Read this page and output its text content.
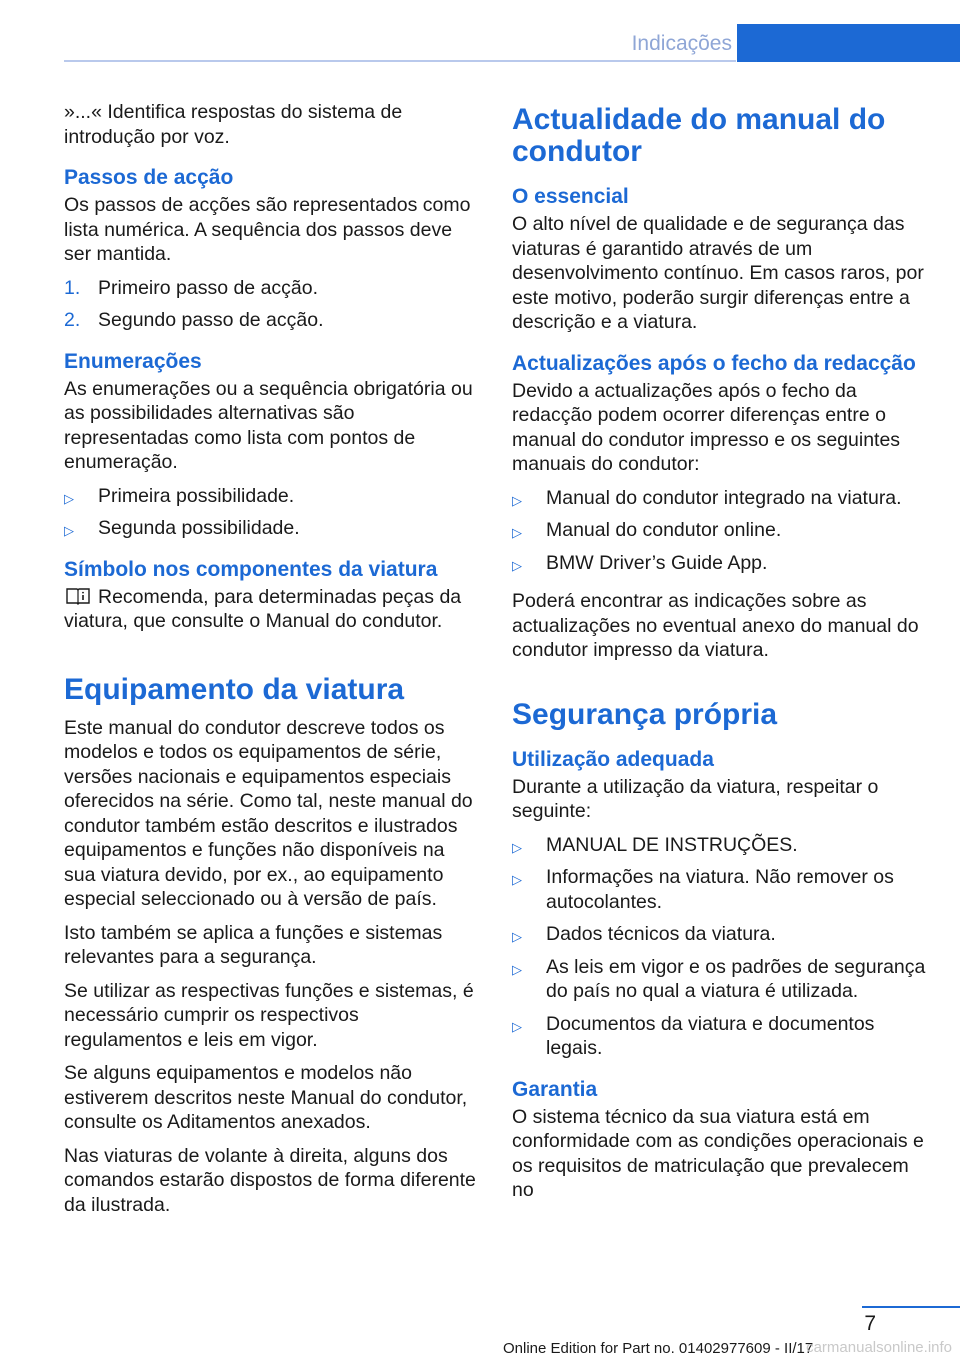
Indicações

»...« Identifica respostas do sistema de introdução por voz.

Passos de acção

Os passos de acções são representados como lista numérica. A sequência dos passos deve ser mantida.

1. Primeiro passo de acção.
2. Segundo passo de acção.
Enumerações

As enumerações ou a sequência obrigatória ou as possibilidades alternativas são representadas como lista com pontos de enumeração.

▷ Primeira possibilidade.
▷ Segunda possibilidade.
Símbolo nos componentes da viatura

Recomenda, para determinadas peças da viatura, que consulte o Manual do condutor.

Equipamento da viatura

Este manual do condutor descreve todos os modelos e todos os equipamentos de série, versões nacionais e equipamentos especiais oferecidos na série. Como tal, neste manual do condutor também estão descritos e ilustrados equipamentos e funções não disponíveis na sua viatura devido, por ex., ao equipamento especial seleccionado ou à versão de país.

Isto também se aplica a funções e sistemas relevantes para a segurança.

Se utilizar as respectivas funções e sistemas, é necessário cumprir os respectivos regulamentos e leis em vigor.

Se alguns equipamentos e modelos não estiverem descritos neste Manual do condutor, consulte os Aditamentos anexados.

Nas viaturas de volante à direita, alguns dos comandos estarão dispostos de forma diferente da ilustrada.

Actualidade do manual do condutor
O essencial

O alto nível de qualidade e de segurança das viaturas é garantido através de um desenvolvimento contínuo. Em casos raros, por este motivo, poderão surgir diferenças entre a descrição e a viatura.

Actualizações após o fecho da redacção

Devido a actualizações após o fecho da redacção podem ocorrer diferenças entre o manual do condutor impresso e os seguintes manuais do condutor:

▷ Manual do condutor integrado na viatura.
▷ Manual do condutor online.
▷ BMW Driver’s Guide App.

Poderá encontrar as indicações sobre as actualizações no eventual anexo do manual do condutor impresso da viatura.

Segurança própria
Utilização adequada

Durante a utilização da viatura, respeitar o seguinte:

▷ MANUAL DE INSTRUÇÕES.
▷ Informações na viatura. Não remover os autocolantes.
▷ Dados técnicos da viatura.
▷ As leis em vigor e os padrões de segurança do país no qual a viatura é utilizada.
▷ Documentos da viatura e documentos legais.
Garantia

O sistema técnico da sua viatura está em conformidade com as condições operacionais e os requisitos de matriculação que prevalecem no

7
Online Edition for Part no. 01402977609 - II/17
carmanualsonline.info
